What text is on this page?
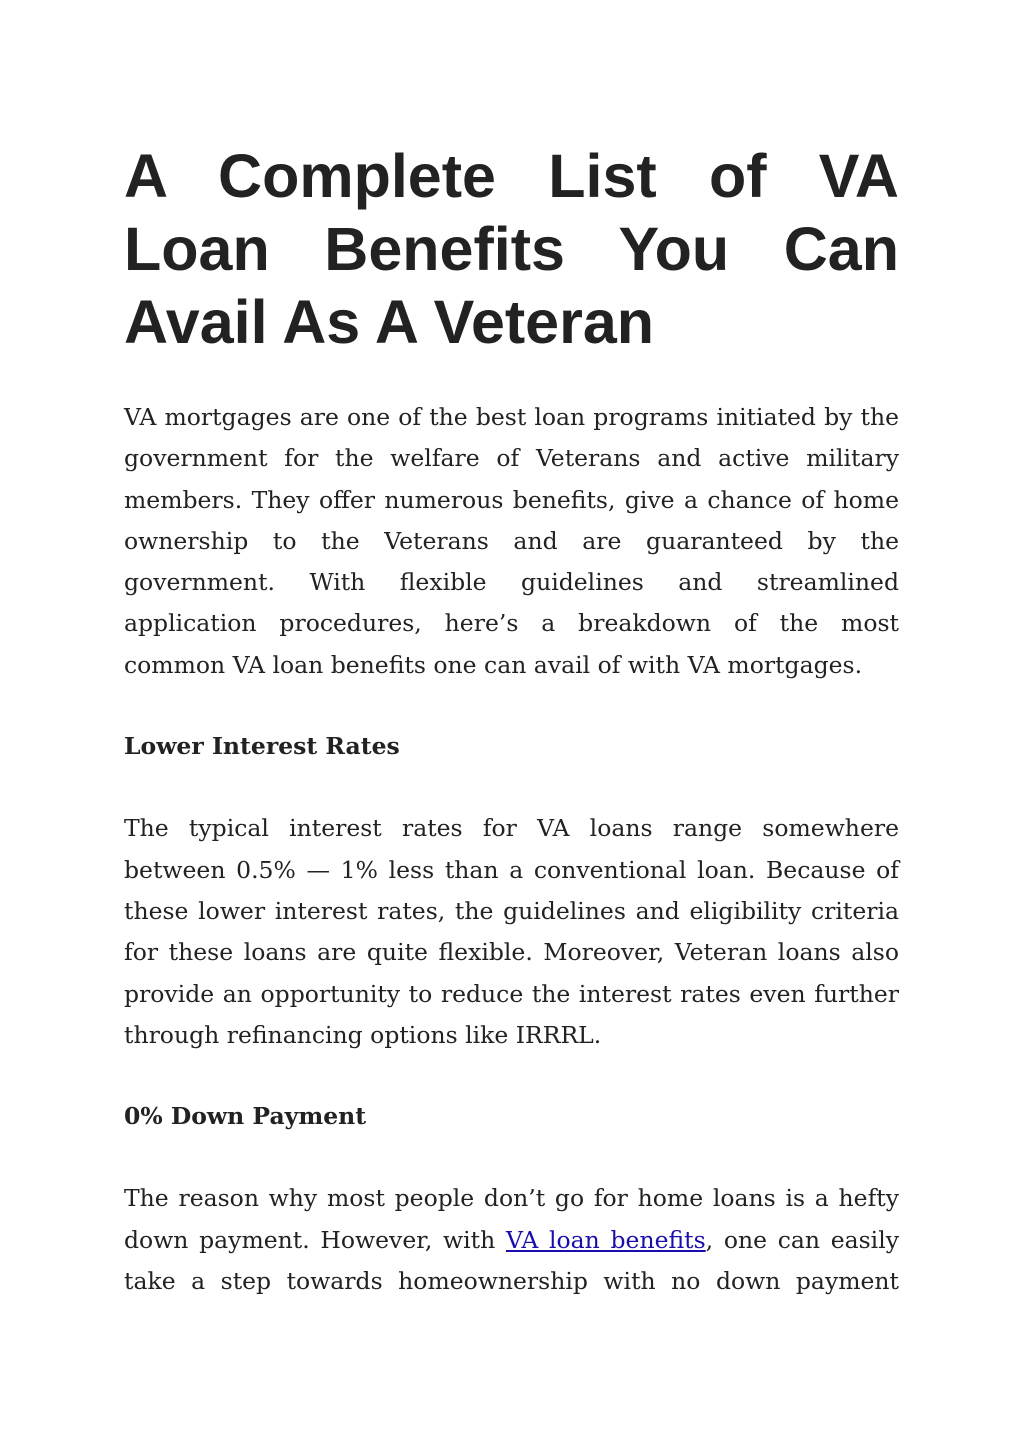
A Complete List of VA Loan Benefits You Can Avail As A Veteran

VA mortgages are one of the best loan programs initiated by the government for the welfare of Veterans and active military members. They offer numerous benefits, give a chance of home ownership to the Veterans and are guaranteed by the government. With flexible guidelines and streamlined application procedures, here’s a breakdown of the most common VA loan benefits one can avail of with VA mortgages.

Lower Interest Rates

The typical interest rates for VA loans range somewhere between 0.5% — 1% less than a conventional loan. Because of these lower interest rates, the guidelines and eligibility criteria for these loans are quite flexible. Moreover, Veteran loans also provide an opportunity to reduce the interest rates even further through refinancing options like IRRRL.

0% Down Payment

The reason why most people don’t go for home loans is a hefty down payment. However, with VA loan benefits, one can easily take a step towards homeownership with no down payment
